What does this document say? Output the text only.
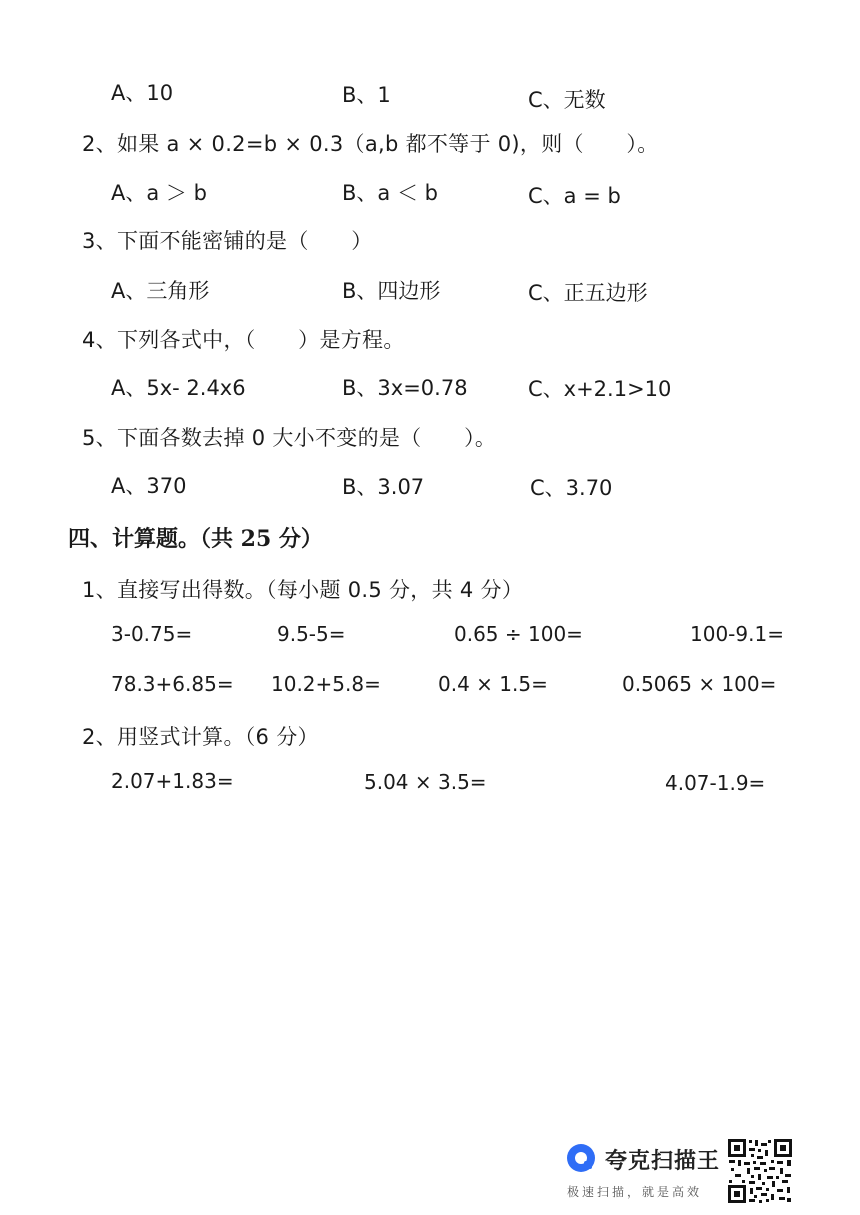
A、10	B、1	C、无数
2、如果 a × 0.2=b × 0.3（a,b 都不等于 0)，则（　　）。
A、a ＞ b	B、a ＜ b	C、a = b
3、下面不能密铺的是（　　）
A、三角形	B、四边形	C、正五边形
4、下列各式中，（　　）是方程。
A、5x- 2.4x6	B、3x=0.78	C、x+2.1>10
5、下面各数去掉 0 大小不变的是（　　）。
A、370	B、3.07	C、3.70
四、计算题。（共 25 分）
1、直接写出得数。（每小题 0.5 分，共 4 分）
3-0.75=	9.5-5=	0.65 ÷ 100=	100-9.1=
78.3+6.85= 10.2+5.8=	0.4 × 1.5=	0.5065 × 100=
2、用竖式计算。（6 分）
2.07+1.83=	5.04 × 3.5=	4.07-1.9=
夸克扫描王
极速扫描，就是高效
